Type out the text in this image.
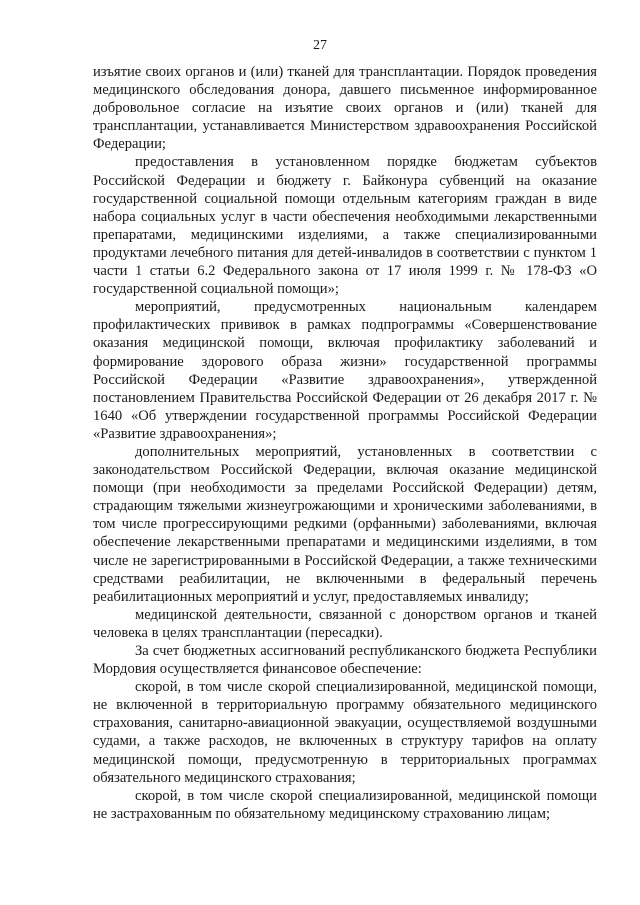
27

изъятие своих органов и (или) тканей для трансплантации. Порядок проведения медицинского обследования донора, давшего письменное информированное добровольное согласие на изъятие своих органов и (или) тканей для трансплантации, устанавливается Министерством здравоохранения Российской Федерации;

предоставления в установленном порядке бюджетам субъектов Российской Федерации и бюджету г. Байконура субвенций на оказание государственной социальной помощи отдельным категориям граждан в виде набора социальных услуг в части обеспечения необходимыми лекарственными препаратами, медицинскими изделиями, а также специализированными продуктами лечебного питания для детей-инвалидов в соответствии с пунктом 1 части 1 статьи 6.2 Федерального закона от 17 июля 1999 г. № 178-ФЗ «О государственной социальной помощи»;

мероприятий, предусмотренных национальным календарем профилактических прививок в рамках подпрограммы «Совершенствование оказания медицинской помощи, включая профилактику заболеваний и формирование здорового образа жизни» государственной программы Российской Федерации «Развитие здравоохранения», утвержденной постановлением Правительства Российской Федерации от 26 декабря 2017 г. № 1640 «Об утверждении государственной программы Российской Федерации «Развитие здравоохранения»;

дополнительных мероприятий, установленных в соответствии с законодательством Российской Федерации, включая оказание медицинской помощи (при необходимости за пределами Российской Федерации) детям, страдающим тяжелыми жизнеугрожающими и хроническими заболеваниями, в том числе прогрессирующими редкими (орфанными) заболеваниями, включая обеспечение лекарственными препаратами и медицинскими изделиями, в том числе не зарегистрированными в Российской Федерации, а также техническими средствами реабилитации, не включенными в федеральный перечень реабилитационных мероприятий и услуг, предоставляемых инвалиду;

медицинской деятельности, связанной с донорством органов и тканей человека в целях трансплантации (пересадки).

За счет бюджетных ассигнований республиканского бюджета Республики Мордовия осуществляется финансовое обеспечение:

скорой, в том числе скорой специализированной, медицинской помощи, не включенной в территориальную программу обязательного медицинского страхования, санитарно-авиационной эвакуации, осуществляемой воздушными судами, а также расходов, не включенных в структуру тарифов на оплату медицинской помощи, предусмотренную в территориальных программах обязательного медицинского страхования;

скорой, в том числе скорой специализированной, медицинской помощи не застрахованным по обязательному медицинскому страхованию лицам;
